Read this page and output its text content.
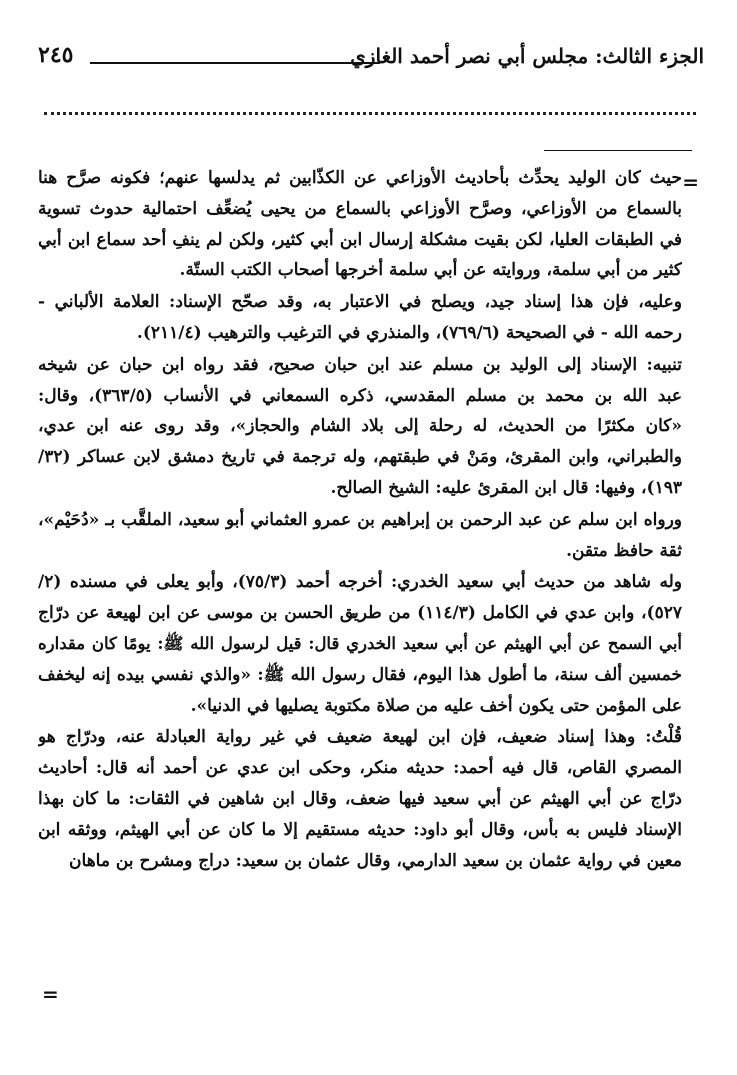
٢٤٥	الجزء الثالث: مجلس أبي نصر أحمد الغازي
=
=
حيث كان الوليد يحدِّث بأحاديث الأوزاعي عن الكذّابين ثم يدلسها عنهم؛ فكونه صرَّح هنا
بالسماع من الأوزاعي، وصرَّح الأوزاعي بالسماع من يحيى يُضعِّف احتمالية حدوث تسوية
في الطبقات العليا، لكن بقيت مشكلة إرسال ابن أبي كثير، ولكن لم ينفِ أحد سماع ابن أبي
كثير من أبي سلمة، وروايته عن أبي سلمة أخرجها أصحاب الكتب الستّة.
وعليه، فإن هذا إسناد جيد، ويصلح في الاعتبار به، وقد صحّح الإسناد: العلامة الألباني -
رحمه الله - في الصحيحة (٧٦٩/٦)، والمنذري في الترغيب والترهيب (٢١١/٤).
تنبيه: الإسناد إلى الوليد بن مسلم عند ابن حبان صحيح، فقد رواه ابن حبان عن شيخه
عبد الله بن محمد بن مسلم المقدسي، ذكره السمعاني في الأنساب (٣٦٣/٥)، وقال:
«كان مكثرًا من الحديث، له رحلة إلى بلاد الشام والحجاز»، وقد روى عنه ابن عدي،
والطبراني، وابن المقرئ، ومَنْ في طبقتهم، وله ترجمة في تاريخ دمشق لابن عساكر (٣٢/
١٩٣)، وفيها: قال ابن المقرئ عليه: الشيخ الصالح.
ورواه ابن سلم عن عبد الرحمن بن إبراهيم بن عمرو العثماني أبو سعيد، الملقَّب بـ «دُحَيْم»،
ثقة حافظ متقن.
وله شاهد من حديث أبي سعيد الخدري: أخرجه أحمد (٧٥/٣)، وأبو يعلى في مسنده (٢/
٥٢٧)، وابن عدي في الكامل (١١٤/٣) من طريق الحسن بن موسى عن ابن لهيعة عن درّاج
أبي السمح عن أبي الهيثم عن أبي سعيد الخدري قال: قيل لرسول الله ﷺ: يومًا كان مقداره
خمسين ألف سنة، ما أطول هذا اليوم، فقال رسول الله ﷺ: «والذي نفسي بيده إنه ليخفف
على المؤمن حتى يكون أخف عليه من صلاة مكتوبة يصليها في الدنيا».
قُلْتُ: وهذا إسناد ضعيف، فإن ابن لهيعة ضعيف في غير رواية العبادلة عنه، ودرّاج هو
المصري القاص، قال فيه أحمد: حديثه منكر، وحكى ابن عدي عن أحمد أنه قال: أحاديث
درّاج عن أبي الهيثم عن أبي سعيد فيها ضعف، وقال ابن شاهين في الثقات: ما كان بهذا
الإسناد فليس به بأس، وقال أبو داود: حديثه مستقيم إلا ما كان عن أبي الهيثم، ووثقه ابن
معين في رواية عثمان بن سعيد الدارمي، وقال عثمان بن سعيد: دراج ومشرح بن ماهان
